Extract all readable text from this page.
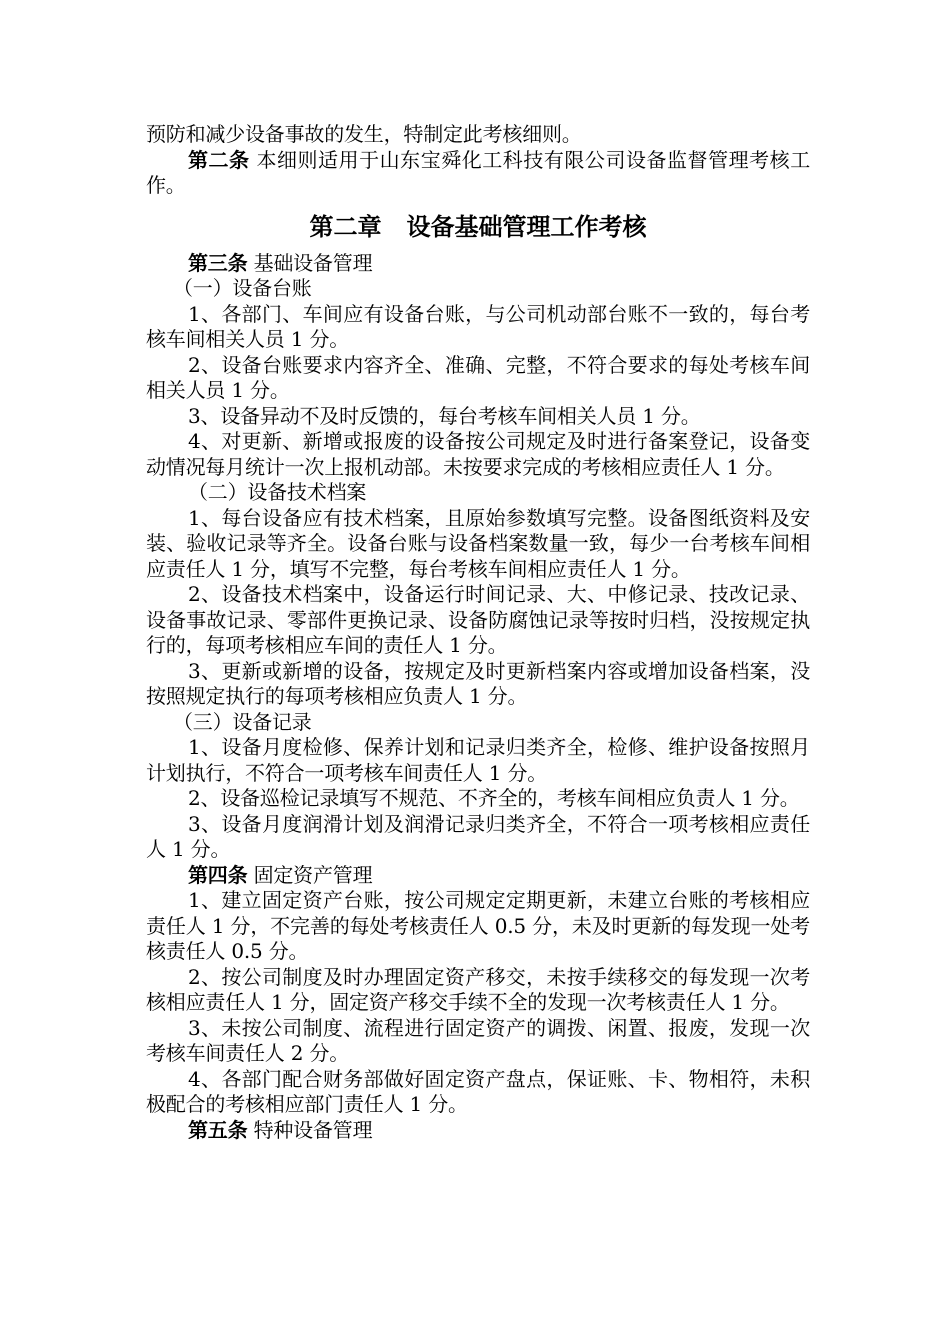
预防和减少设备事故的发生，特制定此考核细则。

第二条 本细则适用于山东宝舜化工科技有限公司设备监督管理考核工作。

第二章   设备基础管理工作考核

第三条 基础设备管理

（一）设备台账

1、各部门、车间应有设备台账，与公司机动部台账不一致的，每台考核车间相关人员 1 分。

2、设备台账要求内容齐全、准确、完整，不符合要求的每处考核车间相关人员 1 分。

3、设备异动不及时反馈的，每台考核车间相关人员 1 分。

4、对更新、新增或报废的设备按公司规定及时进行备案登记，设备变动情况每月统计一次上报机动部。未按要求完成的考核相应责任人 1 分。

（二）设备技术档案

1、每台设备应有技术档案，且原始参数填写完整。设备图纸资料及安装、验收记录等齐全。设备台账与设备档案数量一致，每少一台考核车间相应责任人 1 分，填写不完整，每台考核车间相应责任人 1 分。

2、设备技术档案中，设备运行时间记录、大、中修记录、技改记录、设备事故记录、零部件更换记录、设备防腐蚀记录等按时归档，没按规定执行的，每项考核相应车间的责任人 1 分。

3、更新或新增的设备，按规定及时更新档案内容或增加设备档案，没按照规定执行的每项考核相应负责人 1 分。

（三）设备记录

1、设备月度检修、保养计划和记录归类齐全，检修、维护设备按照月计划执行，不符合一项考核车间责任人 1 分。

2、设备巡检记录填写不规范、不齐全的，考核车间相应负责人 1 分。

3、设备月度润滑计划及润滑记录归类齐全，不符合一项考核相应责任人 1 分。

第四条 固定资产管理

1、建立固定资产台账，按公司规定定期更新，未建立台账的考核相应责任人 1 分，不完善的每处考核责任人 0.5 分，未及时更新的每发现一处考核责任人 0.5 分。

2、按公司制度及时办理固定资产移交，未按手续移交的每发现一次考核相应责任人 1 分，固定资产移交手续不全的发现一次考核责任人 1 分。

3、未按公司制度、流程进行固定资产的调拨、闲置、报废，发现一次考核车间责任人 2 分。

4、各部门配合财务部做好固定资产盘点，保证账、卡、物相符，未积极配合的考核相应部门责任人 1 分。

第五条 特种设备管理
